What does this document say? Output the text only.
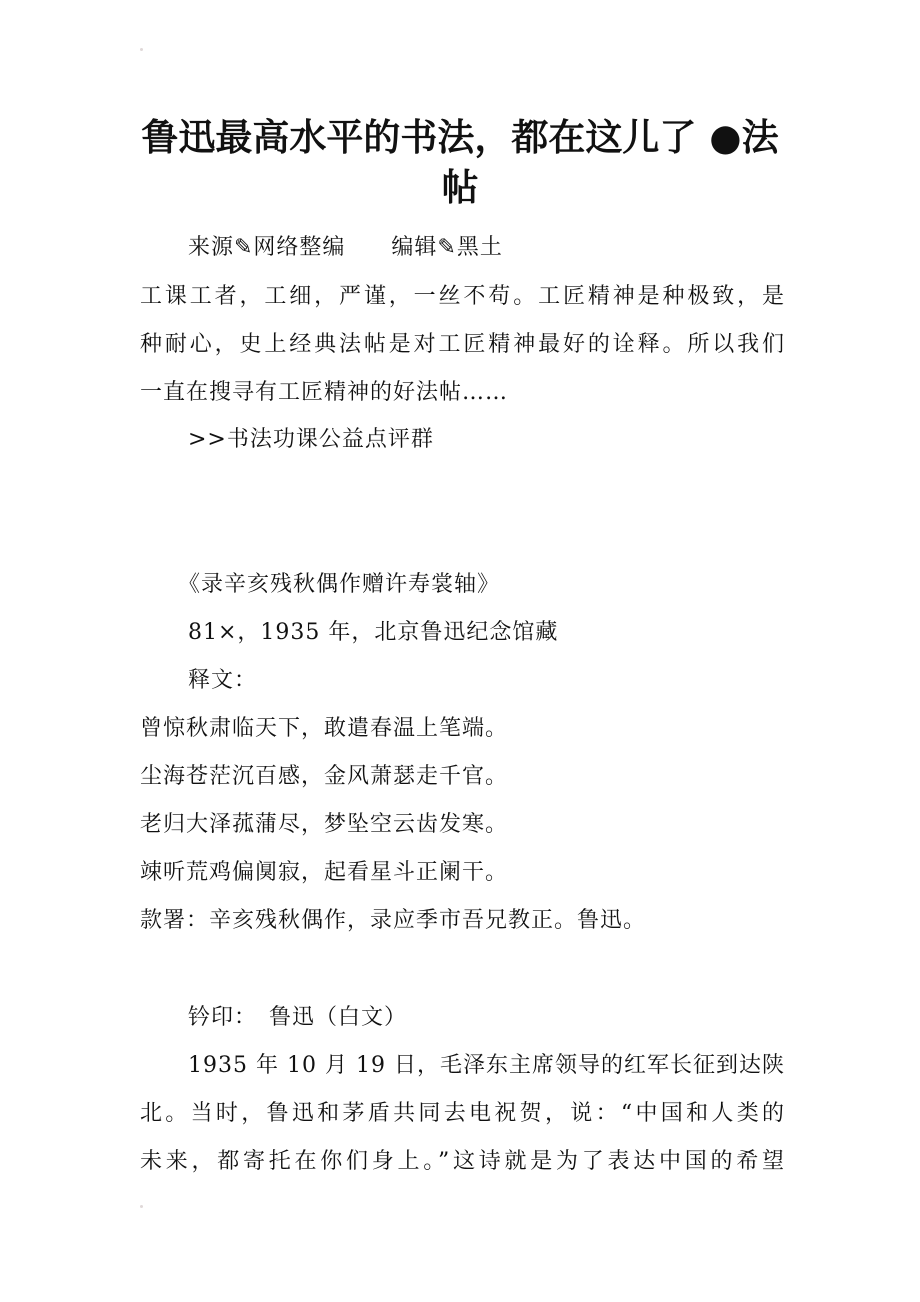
鲁迅最高水平的书法，都在这儿了 ●法
帖
来源✎网络整编　　编辑✎黑土
工课工者，工细，严谨，一丝不苟。工匠精神是种极致，是
种耐心，史上经典法帖是对工匠精神最好的诠释。所以我们
一直在搜寻有工匠精神的好法帖……
>>书法功课公益点评群
《录辛亥残秋偶作赠许寿裳轴》
81×，1935 年，北京鲁迅纪念馆藏
释文：
曾惊秋肃临天下，敢遣春温上笔端。
尘海苍茫沉百感，金风萧瑟走千官。
老归大泽菰蒲尽，梦坠空云齿发寒。
竦听荒鸡偏阒寂，起看星斗正阑干。
款署：辛亥残秋偶作，录应季市吾兄教正。鲁迅。
钤印：　鲁迅（白文）
1935 年 10 月 19 日，毛泽东主席领导的红军长征到达陕
北。当时，鲁迅和茅盾共同去电祝贺，说：“中国和人类的
未来，都寄托在你们身上。”这诗就是为了表达中国的希望
